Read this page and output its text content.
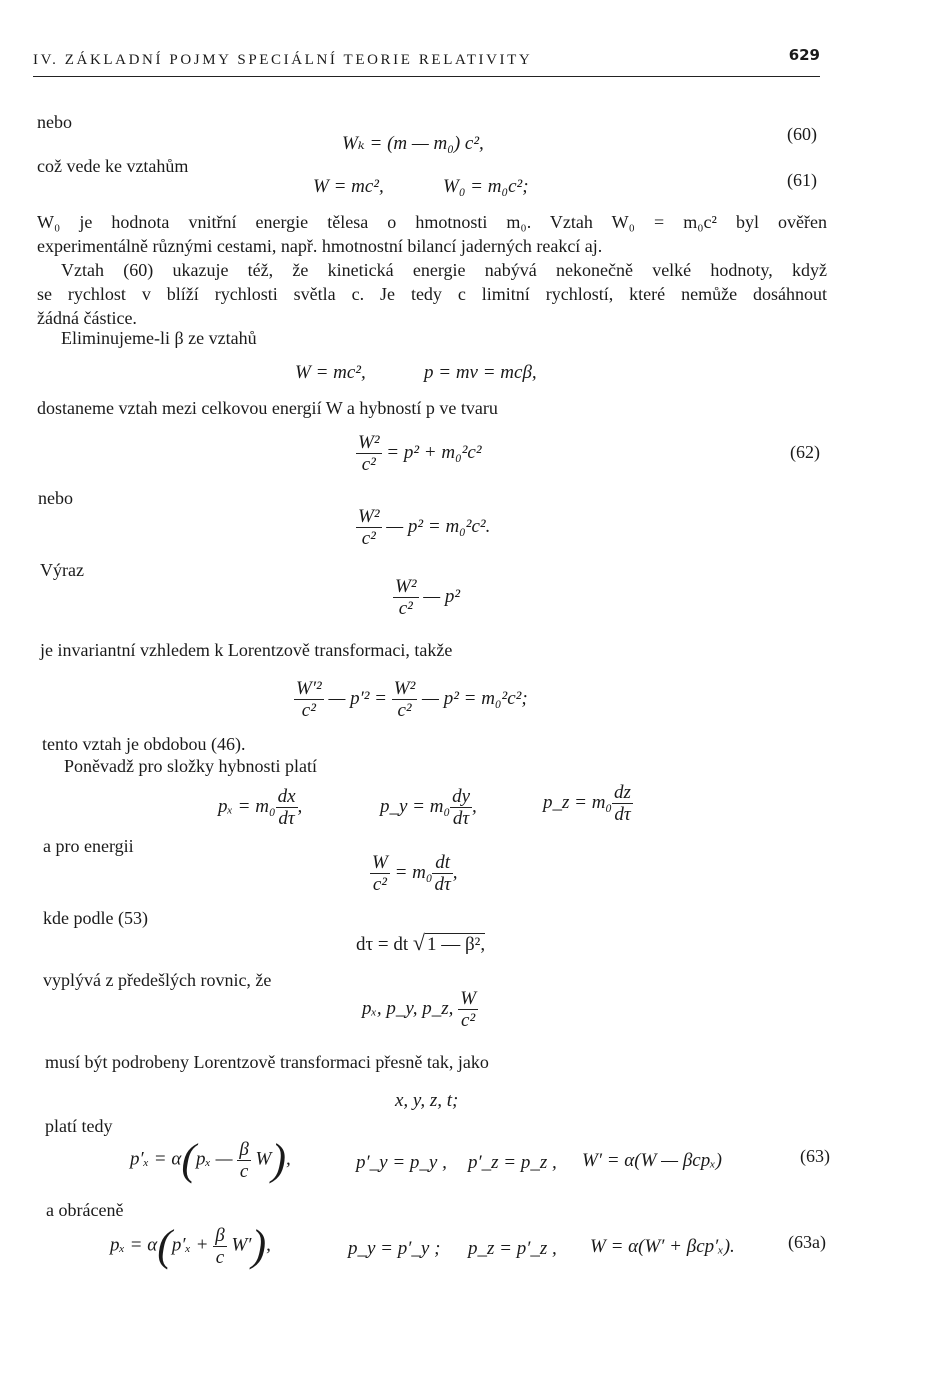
IV. ZÁKLADNÍ POJMY SPECIÁLNÍ TEORIE RELATIVITY	629
nebo
Wₖ = (m — m₀) c²,	(60)
což vede ke vztahům
W = mc²,	W₀ = m₀c²;	(61)
W₀ je hodnota vnitřní energie tělesa o hmotnosti m₀. Vztah W₀ = m₀c² byl ověřen
experimentálně různými cestami, např. hmotnostní bilancí jaderných reakcí aj.
Vztah (60) ukazuje též, že kinetická energie nabývá nekonečně velké hodnoty, když
se rychlost v blíží rychlosti světla c. Je tedy c limitní rychlostí, které nemůže dosáhnout
žádná částice.
Eliminujeme-li β ze vztahů
W = mc²,	p = mv = mcβ,
dostaneme vztah mezi celkovou energií W a hybností p ve tvaru
$\frac{\text{W²}}{\text{c²}} = p^2 + m_0^2c^2$	(62)
nebo
$\frac{\text{W²}}{\text{c²}}$ — p² = m₀²c².
Výraz
$\frac{\text{W²}}{\text{c²}}$ — p²
je invariantní vzhledem k Lorentzově transformaci, takže
$\frac{\text{W′²}}{\text{c²}}$ — $p'^2 = \frac{\text{W²}}{\text{c²}}$ — p² = m₀²c²;
tento vztah je obdobou (46).
Poněvadž pro složky hybnosti platí
$p_x = m_0 \frac{dx}{d\tau}$ ,	p_y = $m_0 \frac{dy}{d\tau}$ ,	p_z = $m_0 \frac{dz}{d\tau}$
a pro energii
$\frac{W}{\text{c²}} = m_0 \frac{dt}{d\tau}$ ,
kde podle (53)
dτ = dt √ 1 — β²,
vyplývá z předešlých rovnic, že
pₓ, p_y, p_z, $\frac{W}{\text{c²}}$
musí být podrobeny Lorentzově transformaci přesně tak, jako
x, y, z, t;
platí tedy
p′ₓ = α(pₓ — $\frac{\beta}{c} W$),	p′_y = p_y , p′_z = p_z , W′ = α(W — βcpₓ)	(63)
a obráceně
$p_x = \alpha(p'_x + \frac{\beta}{c} W')$,	p_y = p′_y ; p_z = p′_z , W = α(W′ + βcp′ₓ).	(63a)
